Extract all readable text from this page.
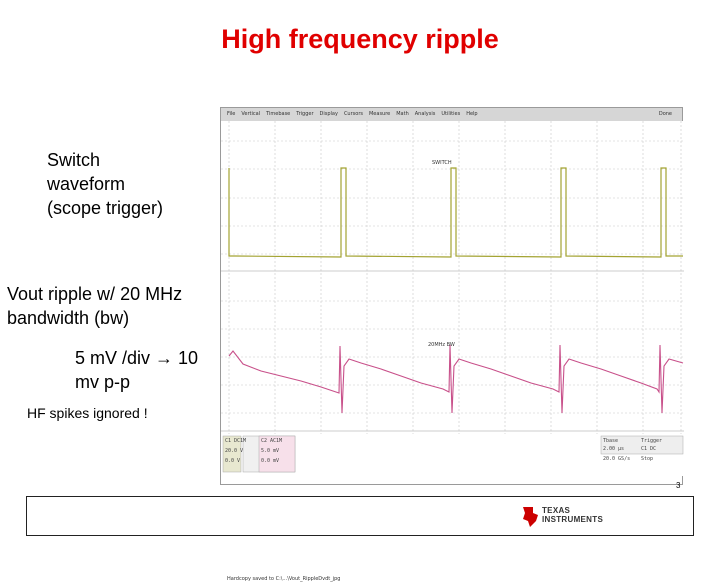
High frequency ripple
File Vertical Timebase Trigger Display Cursors Measure Math Analysis Utilities Help	Done
SWITCH
20MHz BW
C1 DC1M
20.0 V
0.0 V
C2 AC1M
5.0 mV
0.0 mV
Tbase
2.00 µs
Trigger
C1 DC
20.0 GS/s Stop
Hardcopy saved to C:\...\Vout_RippleDvdt_jpg
Switch
waveform
(scope trigger)
Vout ripple w/ 20 MHz
bandwidth (bw)
5 mV /div → 10
mv p-p
HF spikes ignored !
3
TEXAS
INSTRUMENTS
